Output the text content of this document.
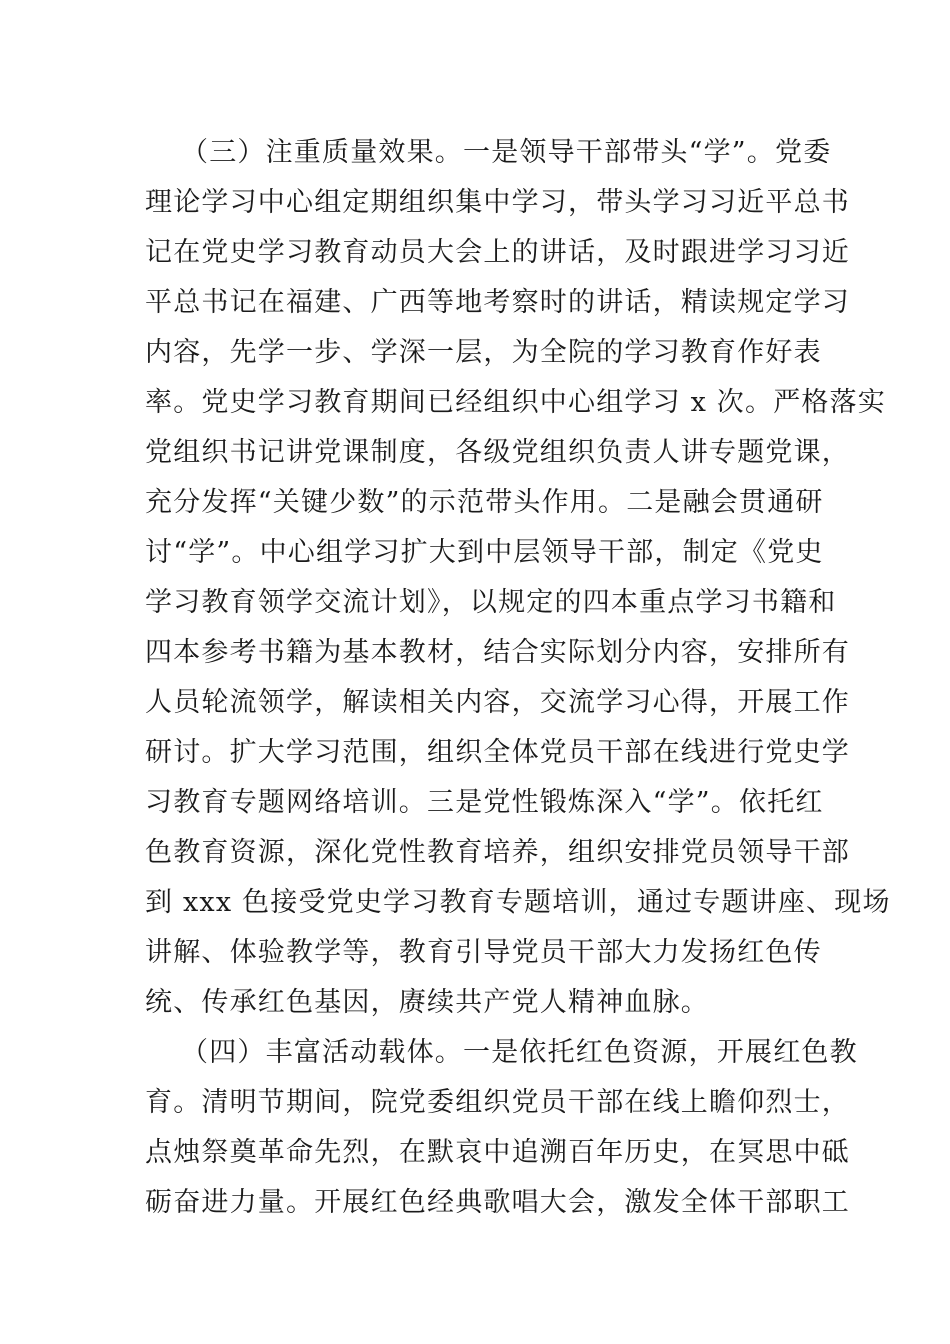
（三）注重质量效果。一是领导干部带头“学”。党委
理论学习中心组定期组织集中学习，带头学习习近平总书
记在党史学习教育动员大会上的讲话，及时跟进学习习近
平总书记在福建、广西等地考察时的讲话，精读规定学习
内容，先学一步、学深一层，为全院的学习教育作好表
率。党史学习教育期间已经组织中心组学习 x 次。严格落实
党组织书记讲党课制度，各级党组织负责人讲专题党课，
充分发挥“关键少数”的示范带头作用。二是融会贯通研
讨“学”。中心组学习扩大到中层领导干部，制定《党史
学习教育领学交流计划》，以规定的四本重点学习书籍和
四本参考书籍为基本教材，结合实际划分内容，安排所有
人员轮流领学，解读相关内容，交流学习心得，开展工作
研讨。扩大学习范围，组织全体党员干部在线进行党史学
习教育专题网络培训。三是党性锻炼深入“学”。依托红
色教育资源，深化党性教育培养，组织安排党员领导干部
到 xxx 色接受党史学习教育专题培训，通过专题讲座、现场
讲解、体验教学等，教育引导党员干部大力发扬红色传
统、传承红色基因，赓续共产党人精神血脉。
（四）丰富活动载体。一是依托红色资源，开展红色教
育。清明节期间，院党委组织党员干部在线上瞻仰烈士，
点烛祭奠革命先烈，在默哀中追溯百年历史，在冥思中砥
砺奋进力量。开展红色经典歌唱大会，激发全体干部职工
